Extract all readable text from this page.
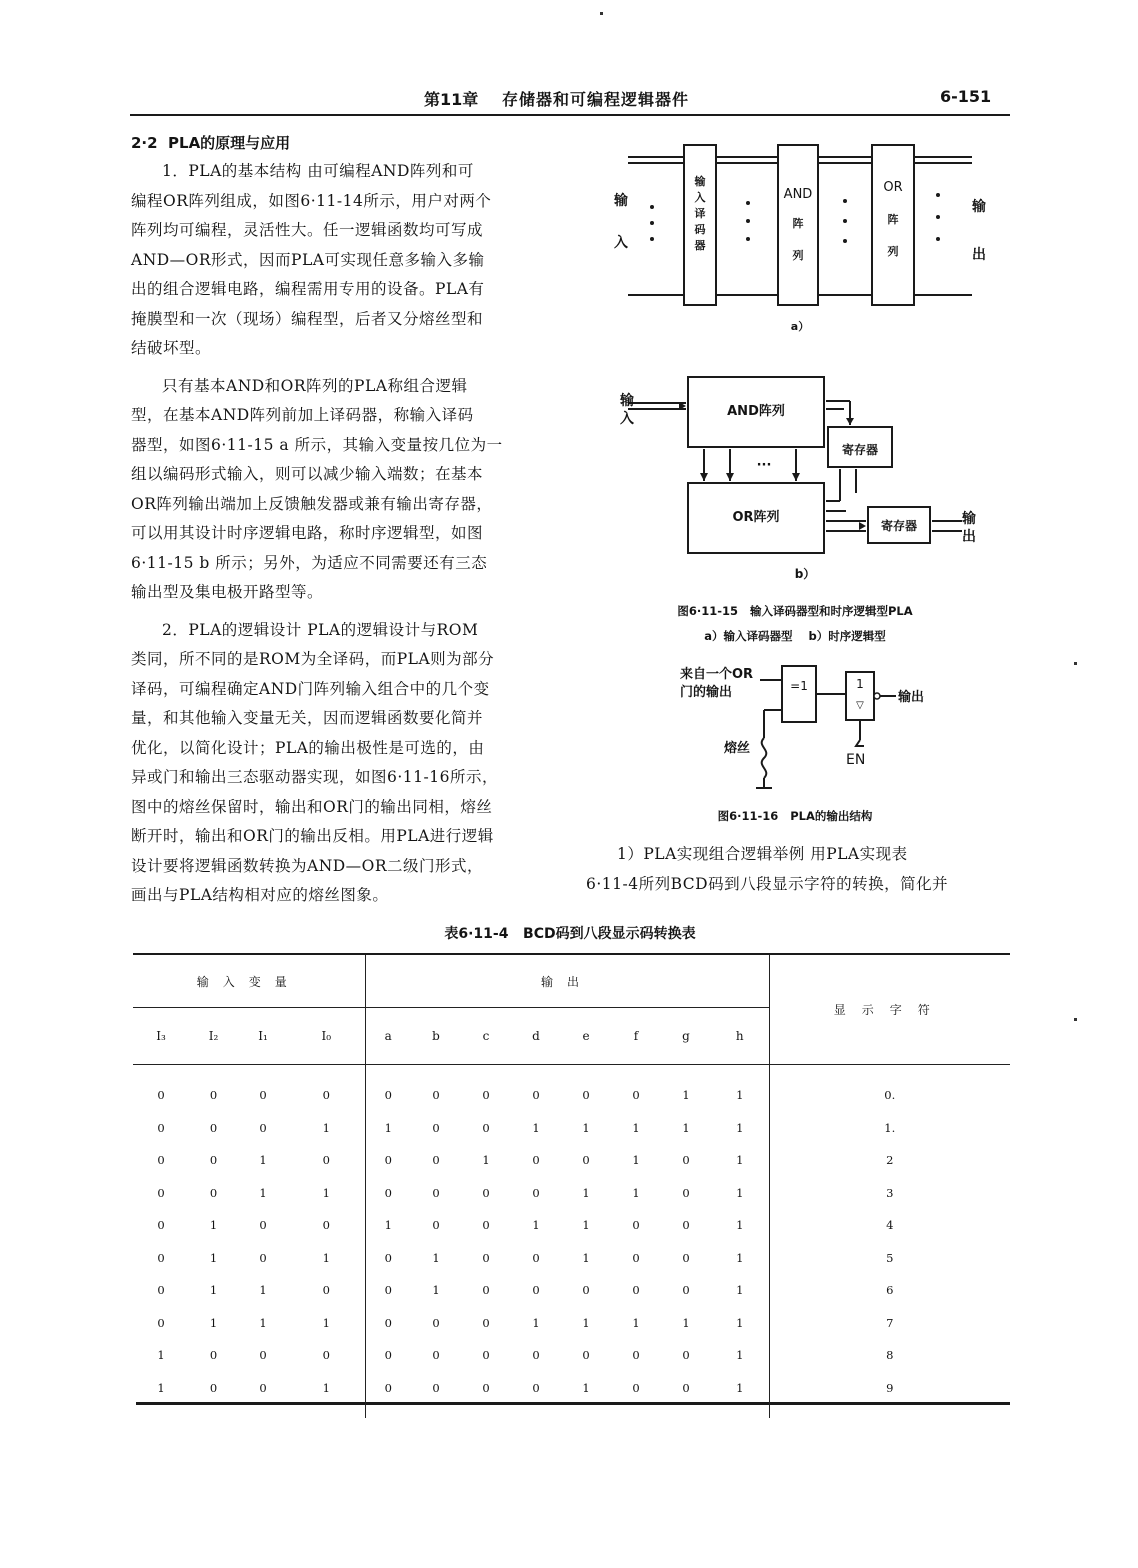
第11章 存储器和可编程逻辑器件	6-151
2·2  PLA的原理与应用

1．PLA的基本结构 由可编程AND阵列和可

编程OR阵列组成，如图6·11-14所示，用户对两个

阵列均可编程，灵活性大。任一逻辑函数均可写成

AND—OR形式，因而PLA可实现任意多输入多输

出的组合逻辑电路，编程需用专用的设备。PLA有

掩膜型和一次（现场）编程型，后者又分熔丝型和

结破坏型。

只有基本AND和OR阵列的PLA称组合逻辑

型，在基本AND阵列前加上译码器，称输入译码

器型，如图6·11-15 a 所示，其输入变量按几位为一

组以编码形式输入，则可以减少输入端数；在基本

OR阵列输出端加上反馈触发器或兼有输出寄存器，

可以用其设计时序逻辑电路，称时序逻辑型，如图

6·11-15 b 所示；另外，为适应不同需要还有三态

输出型及集电极开路型等。

2．PLA的逻辑设计 PLA的逻辑设计与ROM

类同，所不同的是ROM为全译码，而PLA则为部分

译码，可编程确定AND门阵列输入组合中的几个变

量，和其他输入变量无关，因而逻辑函数要化简并

优化，以简化设计；PLA的输出极性是可选的，由

异或门和输出三态驱动器实现，如图6·11-16所示，

图中的熔丝保留时，输出和OR门的输出同相，熔丝

断开时，输出和OR门的输出反相。用PLA进行逻辑

设计要将逻辑函数转换为AND—OR二级门形式，

画出与PLA结构相对应的熔丝图象。

输
入
输
出
输
入
译
码
器
AND
阵
列
OR
阵
列
a）
输
入
输
出
AND阵列
OR阵列
寄存器
寄存器
···
b）
图6·11-15   输入译码器型和时序逻辑型PLA
a）输入译码器型    b）时序逻辑型
来自一个OR
门的输出	输出
熔丝
EN
=1	1
▽
图6·11-16   PLA的输出结构

1）PLA实现组合逻辑举例 用PLA实现表

6·11-4所列BCD码到八段显示字符的转换，简化并

表6·11-4   BCD码到八段显示码转换表
输入变量				输出								显示字符
I₃	I₂	I₁	I₀	a	b	c	d	e	f	g	h	

0	0	0	0	0	0	0	0	0	0	1	1	0.
0	0	0	1	1	0	0	1	1	1	1	1	1.
0	0	1	0	0	0	1	0	0	1	0	1	2
0	0	1	1	0	0	0	0	1	1	0	1	3
0	1	0	0	1	0	0	1	1	0	0	1	4
0	1	0	1	0	1	0	0	1	0	0	1	5
0	1	1	0	0	1	0	0	0	0	0	1	6
0	1	1	1	0	0	0	1	1	1	1	1	7
1	0	0	0	0	0	0	0	0	0	0	1	8
1	0	0	1	0	0	0	0	1	0	0	1	9
